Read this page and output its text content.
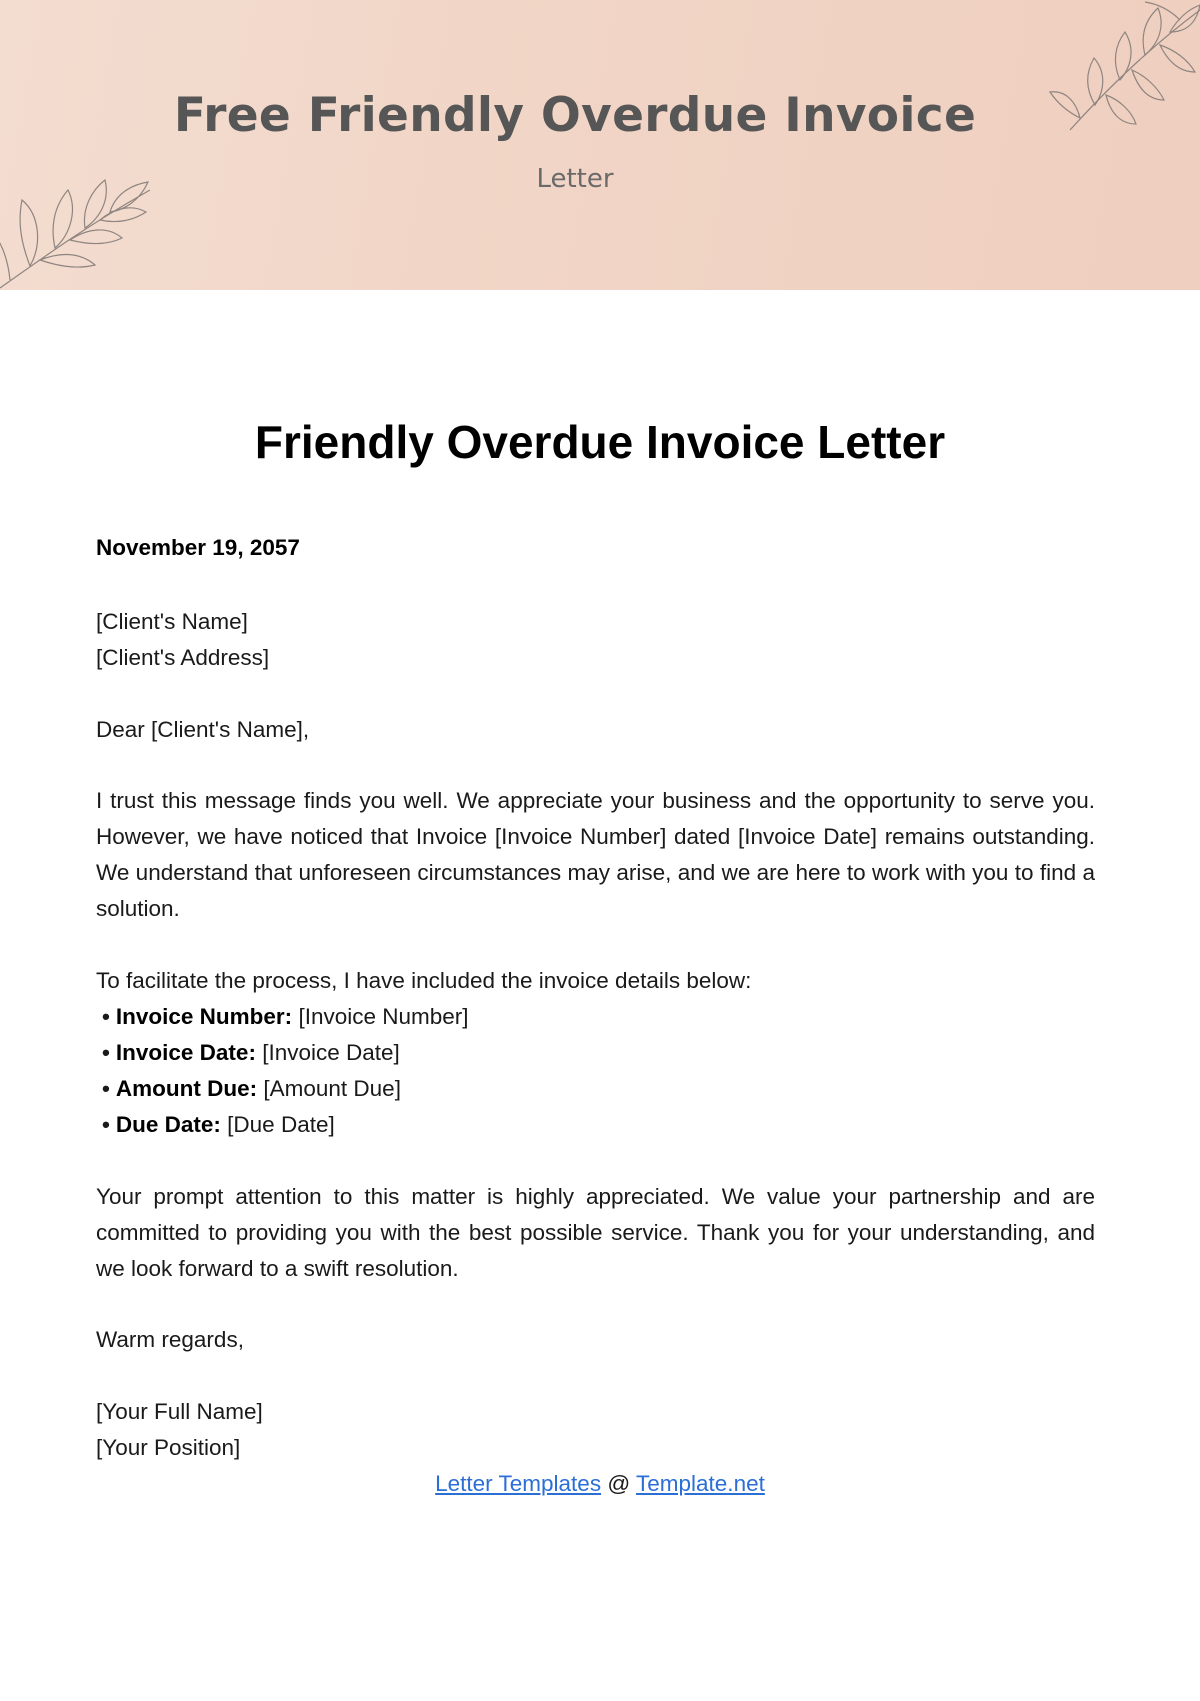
Free Friendly Overdue Invoice
Letter
Friendly Overdue Invoice Letter

November 19, 2057

[Client's Name]
[Client's Address]

Dear [Client's Name],

I trust this message finds you well. We appreciate your business and the opportunity to serve you. However, we have noticed that Invoice [Invoice Number] dated [Invoice Date] remains outstanding. We understand that unforeseen circumstances may arise, and we are here to work with you to find a solution.

To facilitate the process, I have included the invoice details below:

• Invoice Number: [Invoice Number]
• Invoice Date: [Invoice Date]
• Amount Due: [Amount Due]
• Due Date: [Due Date]

Your prompt attention to this matter is highly appreciated. We value your partnership and are committed to providing you with the best possible service. Thank you for your understanding, and we look forward to a swift resolution.

Warm regards,

[Your Full Name]
[Your Position]

Letter Templates @ Template.net
